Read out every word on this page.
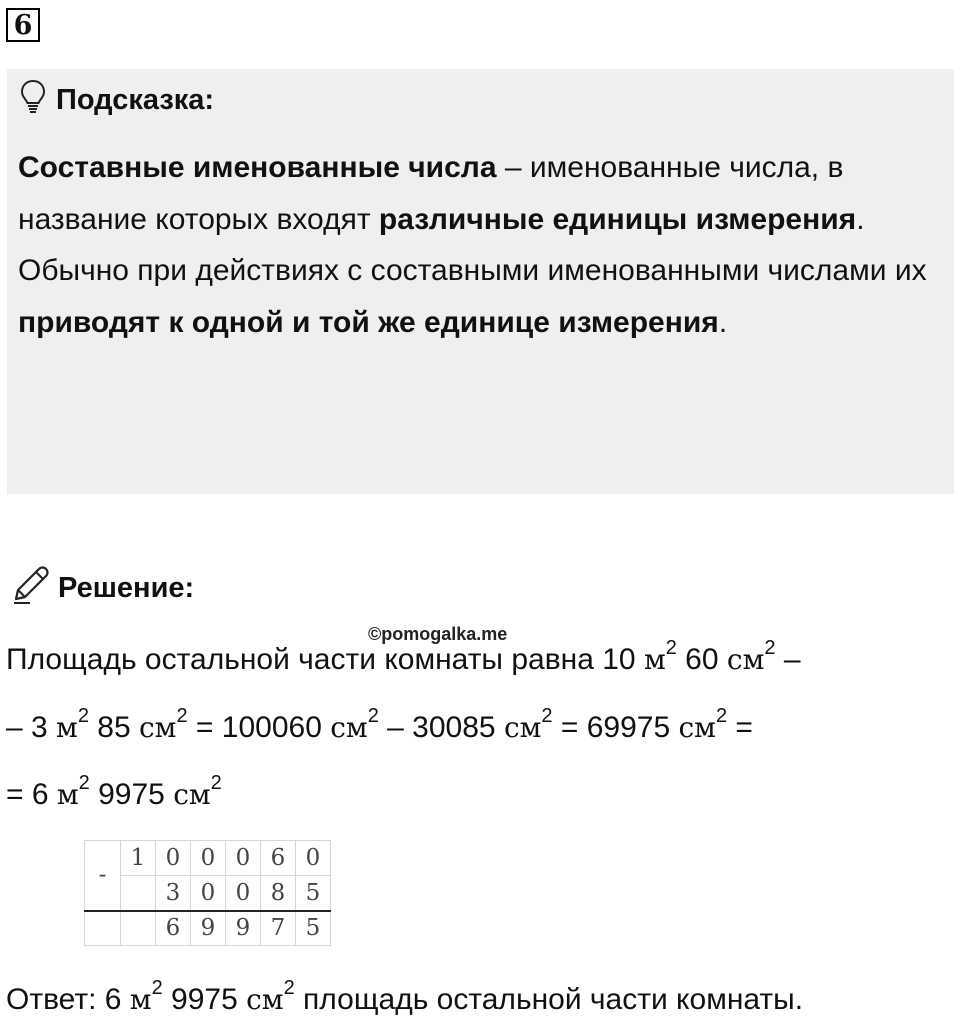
6
Подсказка:

Составные именованные числа – именованные числа, в название которых входят различные единицы измерения.

Обычно при действиях с составными именованными числами их приводят к одной и той же единице измерения.

Решение:
©pomogalka.me
Площадь остальной части комнаты равна 10 $м^2$ 60 $см^2$ –
– 3 $м^2$ 85 $см^2 = 100060$ $см^2 - 30085$ $см^2 = 69975$ $см^2$ =
= 6 $м^2$ 9975 $см^2$
-	1	0	0	0	6	0
		3	0	0	8	5
		6	9	9	7	5
Ответ: 6 $м^2$ 9975 $см^2$ площадь остальной части комнаты.
